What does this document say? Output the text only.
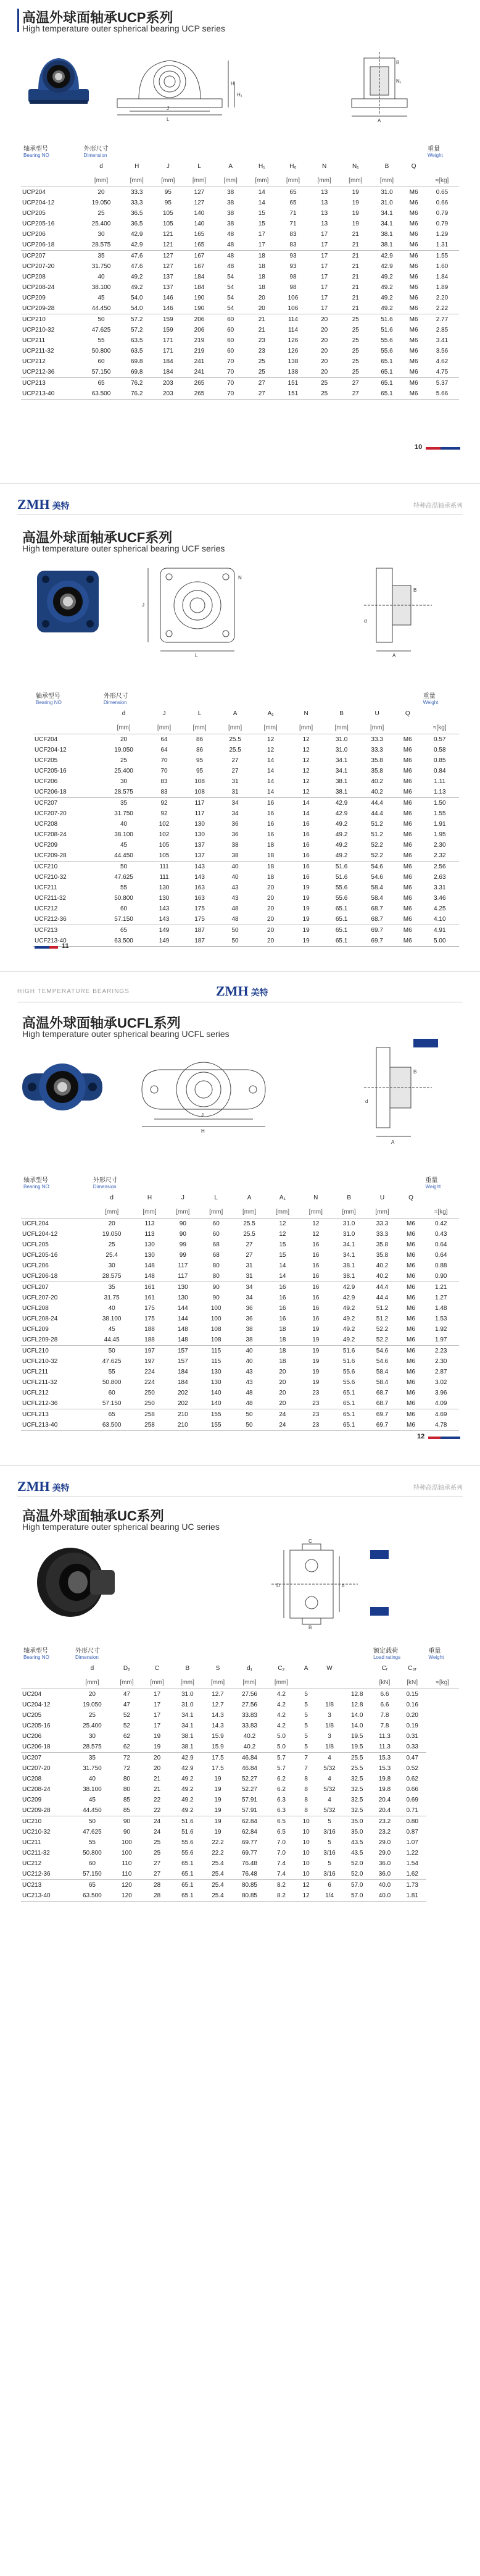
高温外球面轴承UCP系列
High temperature outer spherical bearing UCP series
L
J
H
H₁
A
B
N₁
轴承型号
Bearing NO	外形尺寸
Dimension											重量
Weight

	d	H	J	L	A	H₁	H₀	N	N₁	B	Q	
	[mm]	[mm]	[mm]	[mm]	[mm]	[mm]	[mm]	[mm]	[mm]	[mm]		≈[kg]
UCP204	20	33.3	95	127	38	14	65	13	19	31.0	M6	0.65
UCP204-12	19.050	33.3	95	127	38	14	65	13	19	31.0	M6	0.66
UCP205	25	36.5	105	140	38	15	71	13	19	34.1	M6	0.79
UCP205-16	25.400	36.5	105	140	38	15	71	13	19	34.1	M6	0.79
UCP206	30	42.9	121	165	48	17	83	17	21	38.1	M6	1.29
UCP206-18	28.575	42.9	121	165	48	17	83	17	21	38.1	M6	1.31
UCP207	35	47.6	127	167	48	18	93	17	21	42.9	M6	1.55
UCP207-20	31.750	47.6	127	167	48	18	93	17	21	42.9	M6	1.60
UCP208	40	49.2	137	184	54	18	98	17	21	49.2	M6	1.84
UCP208-24	38.100	49.2	137	184	54	18	98	17	21	49.2	M6	1.89
UCP209	45	54.0	146	190	54	20	106	17	21	49.2	M6	2.20
UCP209-28	44.450	54.0	146	190	54	20	106	17	21	49.2	M6	2.22
UCP210	50	57.2	159	206	60	21	114	20	25	51.6	M6	2.77
UCP210-32	47.625	57.2	159	206	60	21	114	20	25	51.6	M6	2.85
UCP211	55	63.5	171	219	60	23	126	20	25	55.6	M6	3.41
UCP211-32	50.800	63.5	171	219	60	23	126	20	25	55.6	M6	3.56
UCP212	60	69.8	184	241	70	25	138	20	25	65.1	M6	4.62
UCP212-36	57.150	69.8	184	241	70	25	138	20	25	65.1	M6	4.75
UCP213	65	76.2	203	265	70	27	151	25	27	65.1	M6	5.37
UCP213-40	63.500	76.2	203	265	70	27	151	25	27	65.1	M6	5.66
10
ZMH 美特	特种高温轴承系列
高温外球面轴承UCF系列
High temperature outer spherical bearing UCF series
J
L
N
d
A
B
轴承型号
Bearing NO	外形尺寸
Dimension									重量
Weight

	d	J	L	A	A₁	N	B	U	Q	
	[mm]	[mm]	[mm]	[mm]	[mm]	[mm]	[mm]	[mm]		≈[kg]
UCF204	20	64	86	25.5	12	12	31.0	33.3	M6	0.57
UCF204-12	19.050	64	86	25.5	12	12	31.0	33.3	M6	0.58
UCF205	25	70	95	27	14	12	34.1	35.8	M6	0.85
UCF205-16	25.400	70	95	27	14	12	34.1	35.8	M6	0.84
UCF206	30	83	108	31	14	12	38.1	40.2	M6	1.11
UCF206-18	28.575	83	108	31	14	12	38.1	40.2	M6	1.13
UCF207	35	92	117	34	16	14	42.9	44.4	M6	1.50
UCF207-20	31.750	92	117	34	16	14	42.9	44.4	M6	1.55
UCF208	40	102	130	36	16	16	49.2	51.2	M6	1.91
UCF208-24	38.100	102	130	36	16	16	49.2	51.2	M6	1.95
UCF209	45	105	137	38	18	16	49.2	52.2	M6	2.30
UCF209-28	44.450	105	137	38	18	16	49.2	52.2	M6	2.32
UCF210	50	111	143	40	18	16	51.6	54.6	M6	2.56
UCF210-32	47.625	111	143	40	18	16	51.6	54.6	M6	2.63
UCF211	55	130	163	43	20	19	55.6	58.4	M6	3.31
UCF211-32	50.800	130	163	43	20	19	55.6	58.4	M6	3.46
UCF212	60	143	175	48	20	19	65.1	68.7	M6	4.25
UCF212-36	57.150	143	175	48	20	19	65.1	68.7	M6	4.10
UCF213	65	149	187	50	20	19	65.1	69.7	M6	4.91
UCF213-40	63.500	149	187	50	20	19	65.1	69.7	M6	5.00
11
HIGH TEMPERATURE BEARINGS	ZMH 美特
高温外球面轴承UCFL系列
High temperature outer spherical bearing UCFL series
H
J
d
A
B
轴承型号
Bearing NO	外形尺寸
Dimension										重量
Weight

	d	H	J	L	A	A₁	N	B	U	Q	
	[mm]	[mm]	[mm]	[mm]	[mm]	[mm]	[mm]	[mm]	[mm]		≈[kg]
UCFL204	20	113	90	60	25.5	12	12	31.0	33.3	M6	0.42
UCFL204-12	19.050	113	90	60	25.5	12	12	31.0	33.3	M6	0.43
UCFL205	25	130	99	68	27	15	16	34.1	35.8	M6	0.64
UCFL205-16	25.4	130	99	68	27	15	16	34.1	35.8	M6	0.64
UCFL206	30	148	117	80	31	14	16	38.1	40.2	M6	0.88
UCFL206-18	28.575	148	117	80	31	14	16	38.1	40.2	M6	0.90
UCFL207	35	161	130	90	34	16	16	42.9	44.4	M6	1.21
UCFL207-20	31.75	161	130	90	34	16	16	42.9	44.4	M6	1.27
UCFL208	40	175	144	100	36	16	16	49.2	51.2	M6	1.48
UCFL208-24	38.100	175	144	100	36	16	16	49.2	51.2	M6	1.53
UCFL209	45	188	148	108	38	18	19	49.2	52.2	M6	1.92
UCFL209-28	44.45	188	148	108	38	18	19	49.2	52.2	M6	1.97
UCFL210	50	197	157	115	40	18	19	51.6	54.6	M6	2.23
UCFL210-32	47.625	197	157	115	40	18	19	51.6	54.6	M6	2.30
UCFL211	55	224	184	130	43	20	19	55.6	58.4	M6	2.87
UCFL211-32	50.800	224	184	130	43	20	19	55.6	58.4	M6	3.02
UCFL212	60	250	202	140	48	20	23	65.1	68.7	M6	3.96
UCFL212-36	57.150	250	202	140	48	20	23	65.1	68.7	M6	4.09
UCFL213	65	258	210	155	50	24	23	65.1	69.7	M6	4.69
UCFL213-40	63.500	258	210	155	50	24	23	65.1	69.7	M6	4.78
12
ZMH 美特	特种高温轴承系列
高温外球面轴承UC系列
High temperature outer spherical bearing UC series
D	d
B
C
轴承型号
Bearing NO	外形尺寸
Dimension										额定载荷
Load ratings		重量
Weight

	d	D₂	C	B	S	d₁	C₂	A	W		Cᵣ	C₀ᵣ	
	[mm]	[mm]	[mm]	[mm]	[mm]	[mm]	[mm]				[kN]	[kN]	≈[kg]
UC204	20	47	17	31.0	12.7	27.56	4.2	5		12.8	6.6	0.15	
UC204-12	19.050	47	17	31.0	12.7	27.56	4.2	5	1/8	12.8	6.6	0.16	
UC205	25	52	17	34.1	14.3	33.83	4.2	5	3	14.0	7.8	0.20	
UC205-16	25.400	52	17	34.1	14.3	33.83	4.2	5	1/8	14.0	7.8	0.19	
UC206	30	62	19	38.1	15.9	40.2	5.0	5	3	19.5	11.3	0.31	
UC206-18	28.575	62	19	38.1	15.9	40.2	5.0	5	1/8	19.5	11.3	0.33	
UC207	35	72	20	42.9	17.5	46.84	5.7	7	4	25.5	15.3	0.47	
UC207-20	31.750	72	20	42.9	17.5	46.84	5.7	7	5/32	25.5	15.3	0.52	
UC208	40	80	21	49.2	19	52.27	6.2	8	4	32.5	19.8	0.62	
UC208-24	38.100	80	21	49.2	19	52.27	6.2	8	5/32	32.5	19.8	0.66	
UC209	45	85	22	49.2	19	57.91	6.3	8	4	32.5	20.4	0.69	
UC209-28	44.450	85	22	49.2	19	57.91	6.3	8	5/32	32.5	20.4	0.71	
UC210	50	90	24	51.6	19	62.84	6.5	10	5	35.0	23.2	0.80	
UC210-32	47.625	90	24	51.6	19	62.84	6.5	10	3/16	35.0	23.2	0.87	
UC211	55	100	25	55.6	22.2	69.77	7.0	10	5	43.5	29.0	1.07	
UC211-32	50.800	100	25	55.6	22.2	69.77	7.0	10	3/16	43.5	29.0	1.22	
UC212	60	110	27	65.1	25.4	76.48	7.4	10	5	52.0	36.0	1.54	
UC212-36	57.150	110	27	65.1	25.4	76.48	7.4	10	3/16	52.0	36.0	1.62	
UC213	65	120	28	65.1	25.4	80.85	8.2	12	6	57.0	40.0	1.73	
UC213-40	63.500	120	28	65.1	25.4	80.85	8.2	12	1/4	57.0	40.0	1.81	
